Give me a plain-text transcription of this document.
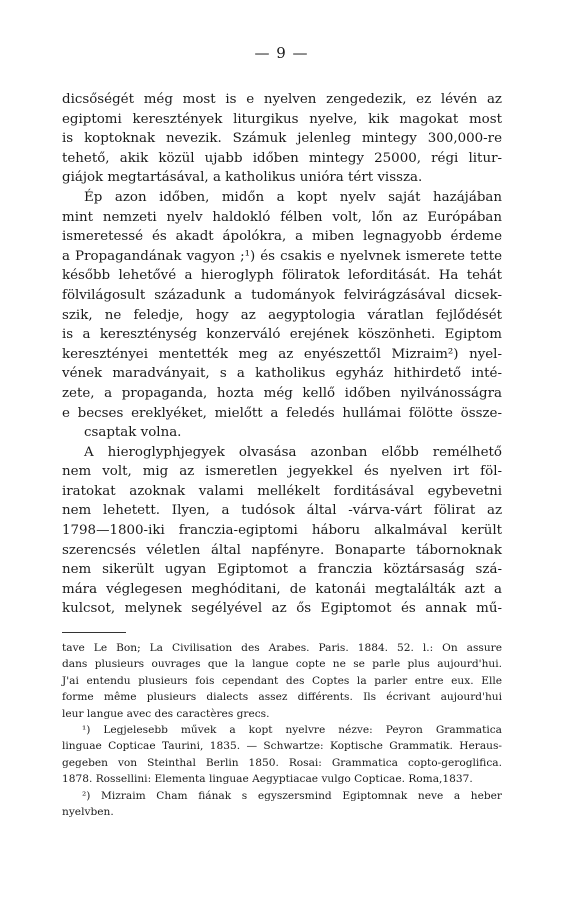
— 9 —
dicsőségét még most is e nyelven zengedezik, ez lévén az
egiptomi keresztények liturgikus nyelve, kik magokat most
is koptoknak nevezik. Számuk jelenleg mintegy 300,000-re
tehető, akik közül ujabb időben mintegy 25000, régi litur-
giájok megtartásával, a katholikus unióra tért vissza.
Ép azon időben, midőn a kopt nyelv saját hazájában
mint nemzeti nyelv haldokló félben volt, lőn az Európában
ismeretessé és akadt ápolókra, a miben legnagyobb érdeme
a Propagandának vagyon ;¹) és csakis e nyelvnek ismerete tette
később lehetővé a hieroglyph föliratok leforditását. Ha tehát
fölvilágosult századunk a tudományok felvirágzásával dicsek-
szik, ne feledje, hogy az aegyptologia váratlan fejlődését
is a kereszténység konzerváló erejének köszönheti. Egiptom
keresztényei mentették meg az enyészettől Mizraim²) nyel-
vének maradványait, s a katholikus egyház hithirdető inté-
zete, a propaganda, hozta még kellő időben nyilvánosságra
e becses ereklyéket, mielőtt a feledés hullámai fölötte össze-
csaptak volna.
A hieroglyphjegyek olvasása azonban előbb remélhető
nem volt, mig az ismeretlen jegyekkel és nyelven irt föl-
iratokat azoknak valami mellékelt forditásával egybevetni
nem lehetett. Ilyen, a tudósok által -várva-várt fölirat az
1798—1800-iki franczia-egiptomi háboru alkalmával került
szerencsés véletlen által napfényre. Bonaparte tábornoknak
nem sikerült ugyan Egiptomot a franczia köztársaság szá-
mára véglegesen meghóditani, de katonái megtalálták azt a
kulcsot, melynek segélyével az ős Egiptomot és annak mű-
tave Le Bon; La Civilisation des Arabes. Paris. 1884. 52. l.: On assure
dans plusieurs ouvrages que la langue copte ne se parle plus aujourd'hui.
J'ai entendu plusieurs fois cependant des Coptes la parler entre eux. Elle
forme même plusieurs dialects assez différents. Ils écrivant aujourd'hui
leur langue avec des caractères grecs.
¹) Legjelesebb művek a kopt nyelvre nézve: Peyron Grammatica
linguae Copticae Taurini, 1835. — Schwartze: Koptische Grammatik. Heraus-
gegeben von Steinthal Berlin 1850. Rosai: Grammatica copto-geroglifica.
1878. Rossellini: Elementa linguae Aegyptiacae vulgo Copticae. Roma,1837.
²) Mizraim Cham fiának s egyszersmind Egiptomnak neve a heber
nyelvben.
